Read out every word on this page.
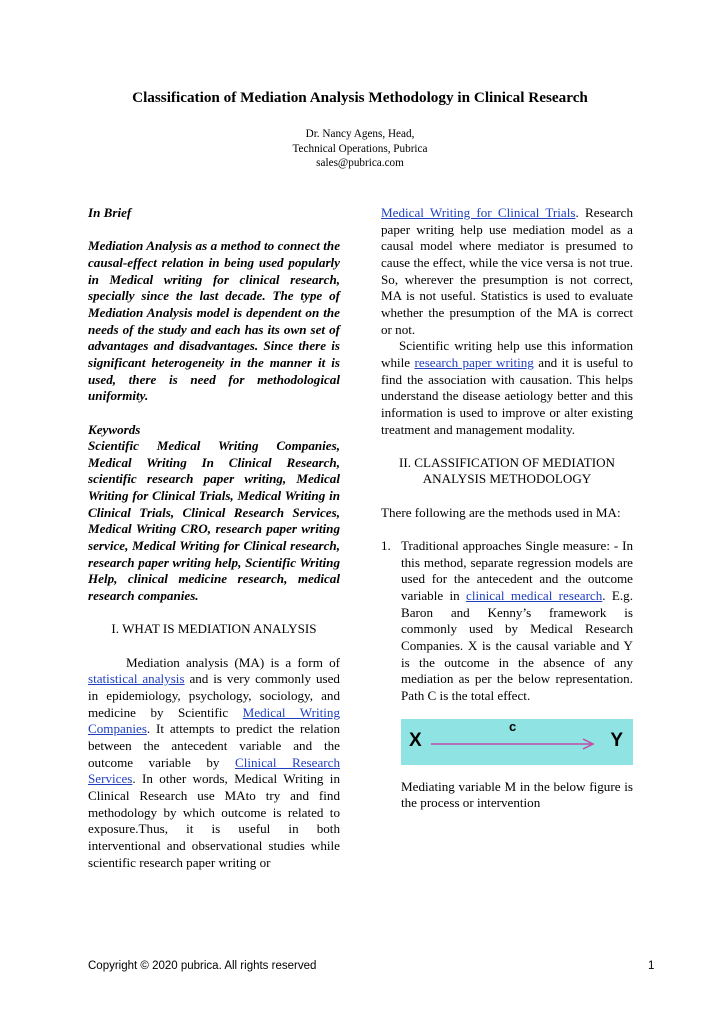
Classification of Mediation Analysis Methodology in Clinical Research
Dr. Nancy Agens, Head,
Technical Operations, Pubrica
sales@pubrica.com

In Brief

Mediation Analysis as a method to connect the causal-effect relation in being used popularly in Medical writing for clinical research, specially since the last decade. The type of Mediation Analysis model is dependent on the needs of the study and each has its own set of advantages and disadvantages. Since there is significant heterogeneity in the manner it is used, there is need for methodological uniformity.

Keywords

Scientific Medical Writing Companies, Medical Writing In Clinical Research, scientific research paper writing, Medical Writing for Clinical Trials, Medical Writing in Clinical Trials, Clinical Research Services, Medical Writing CRO, research paper writing service, Medical Writing for Clinical research, research paper writing help, Scientific Writing Help, clinical medicine research, medical research companies.

I. WHAT IS MEDIATION ANALYSIS

Mediation analysis (MA) is a form of statistical analysis and is very commonly used in epidemiology, psychology, sociology, and medicine by Scientific Medical Writing Companies. It attempts to predict the relation between the antecedent variable and the outcome variable by Clinical Research Services. In other words, Medical Writing in Clinical Research use MAto try and find methodology by which outcome is related to exposure.Thus, it is useful in both interventional and observational studies while scientific research paper writing or

Medical Writing for Clinical Trials. Research paper writing help use mediation model as a causal model where mediator is presumed to cause the effect, while the vice versa is not true. So, wherever the presumption is not correct, MA is not useful. Statistics is used to evaluate whether the presumption of the MA is correct or not.

Scientific writing help use this information while research paper writing and it is useful to find the association with causation. This helps understand the disease aetiology better and this information is used to improve or alter existing treatment and management modality.

II. CLASSIFICATION OF MEDIATION

ANALYSIS METHODOLOGY

There following are the methods used in MA:

1. Traditional approaches Single measure: - In this method, separate regression models are used for the antecedent and the outcome variable in clinical medical research. E.g. Baron and Kenny’s framework is commonly used by Medical Research Companies. X is the causal variable and Y is the outcome in the absence of any mediation as per the below representation. Path C is the total effect.
c
X	Y

Mediating variable M in the below figure is the process or intervention

Copyright © 2020 pubrica. All rights reserved	1
